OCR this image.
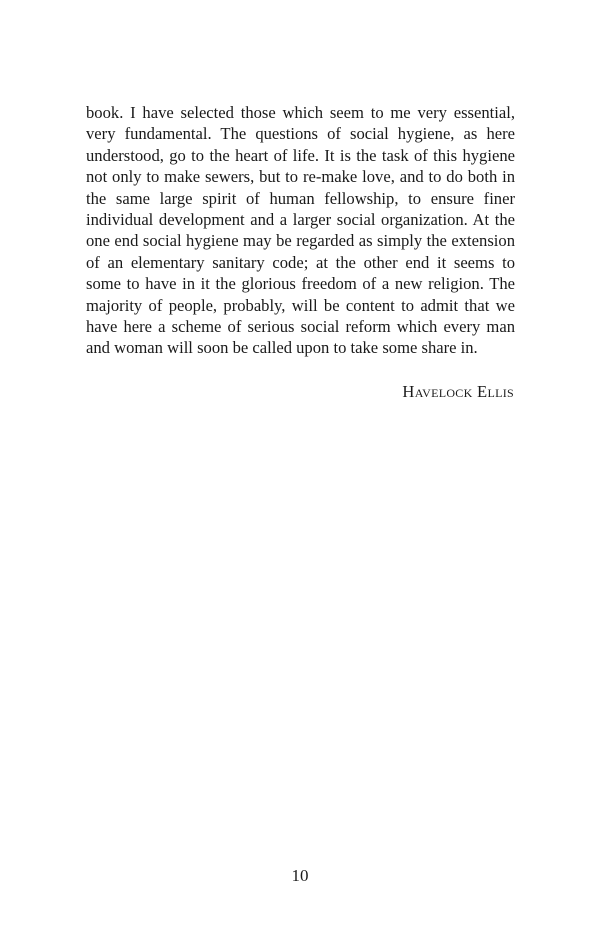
book. I have selected those which seem to me very essential, very fundamental. The questions of social hygiene, as here understood, go to the heart of life. It is the task of this hygiene not only to make sewers, but to re-make love, and to do both in the same large spirit of human fellowship, to ensure finer individual development and a larger social organization. At the one end social hygiene may be regarded as simply the extension of an elementary sanitary code; at the other end it seems to some to have in it the glorious freedom of a new religion. The majority of people, probably, will be content to admit that we have here a scheme of serious social reform which every man and woman will soon be called upon to take some share in.

Havelock Ellis

10
